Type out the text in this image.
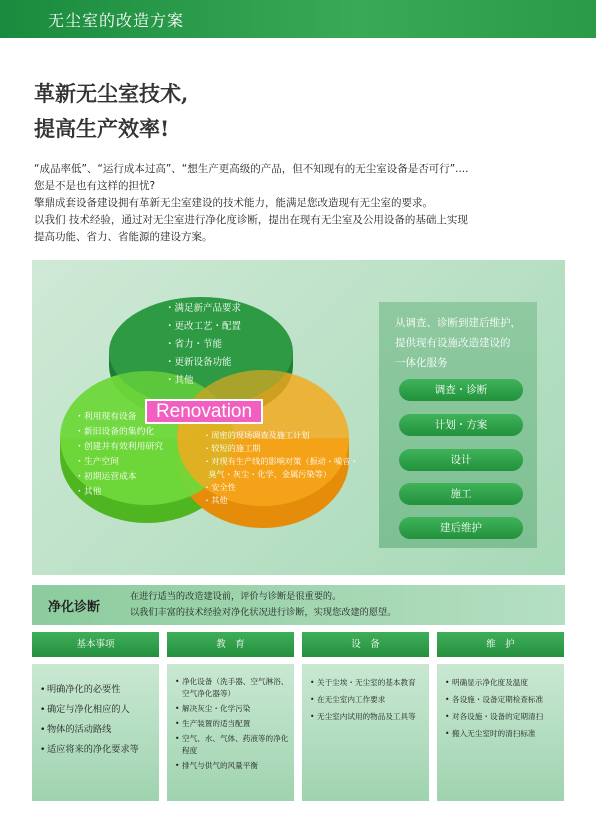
无尘室的改造方案
革新无尘室技术,
提高生产效率!
“成品率低”、“运行成本过高”、“想生产更高级的产品，但不知现有的无尘室设备是否可行”....
您是不是也有这样的担忧?
擎鼎成套设备建设拥有革新无尘室建设的技术能力，能满足您改造现有无尘室的要求。
以我们 技术经验，通过对无尘室进行净化度诊断，提出在现有无尘室及公用设备的基础上实现
提高功能、省力、省能源的建设方案。
・满足新产品要求
・更改工艺・配置
・省力・节能
・更新设备功能
・其他
Renovation
・利用现有设备
・新旧设备的集约化
・创建并有效利用研究
・生产空间
・初期运营成本
・其他
・周密的现场调查及施工计划
・较短的施工期
・对现有生产线的影响对策（振动・噪音・
臭气・灰尘・化学、金属污染等）
・安全性
・其他
从调查、诊断到建后维护，
提供现有设施改造建设的
一体化服务
调查・诊断
计划・方案
设计
施工
建后维护
净化诊断
在进行适当的改造建设前，评价与诊断是很重要的。
以我们丰富的技术经验对净化状况进行诊断，实现您改建的愿望。
基本事项
• 明确净化的必要性
• 确定与净化相应的人
• 物体的活动路线
• 适应将来的净化要求等
教　育
• 净化设备（洗手器、空气淋浴、空气净化器等）
• 解决灰尘・化学污染
• 生产装置的适当配置
• 空气、水、气体、药液等的净化程度
• 排气与供气的风量平衡
设　备
• 关于尘埃・无尘室的基本教育
• 在无尘室内工作要求
• 无尘室内试用的物品及工具等
维　护
• 明确显示净化度及温度
• 各设施・设备定期检查标准
• 对各设施・设备的定期清扫
• 搬入无尘室时的清扫标准
